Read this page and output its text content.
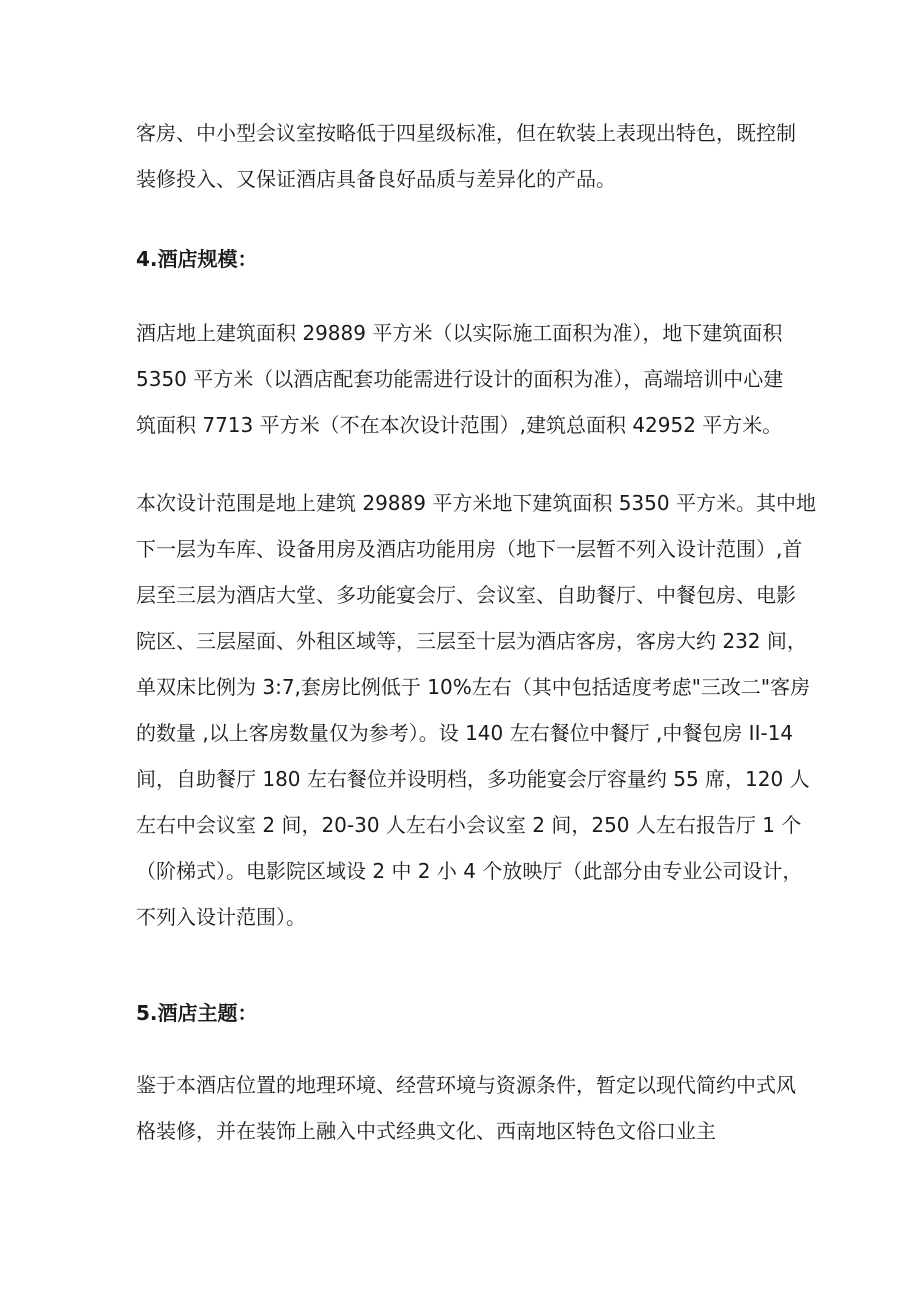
客房、中小型会议室按略低于四星级标准，但在软装上表现出特色，既控制
装修投入、又保证酒店具备良好品质与差异化的产品。
4.酒店规模：
酒店地上建筑面积 29889 平方米（以实际施工面积为准），地下建筑面积
5350 平方米（以酒店配套功能需进行设计的面积为准），高端培训中心建
筑面积 7713 平方米（不在本次设计范围）,建筑总面积 42952 平方米。
本次设计范围是地上建筑 29889 平方米地下建筑面积 5350 平方米。其中地
下一层为车库、设备用房及酒店功能用房（地下一层暂不列入设计范围）,首
层至三层为酒店大堂、多功能宴会厅、会议室、自助餐厅、中餐包房、电影
院区、三层屋面、外租区域等，三层至十层为酒店客房，客房大约 232 间，
单双床比例为 3:7,套房比例低于 10%左右（其中包括适度考虑"三改二"客房
的数量 ,以上客房数量仅为参考）。设 140 左右餐位中餐厅 ,中餐包房 II-14
间，自助餐厅 180 左右餐位并设明档，多功能宴会厅容量约 55 席，120 人
左右中会议室 2 间，20-30 人左右小会议室 2 间，250 人左右报告厅 1 个
（阶梯式）。电影院区域设 2 中 2 小 4 个放映厅（此部分由专业公司设计，
不列入设计范围）。
5.酒店主题：
鉴于本酒店位置的地理环境、经营环境与资源条件，暂定以现代简约中式风
格装修，并在装饰上融入中式经典文化、西南地区特色文俗口业主
